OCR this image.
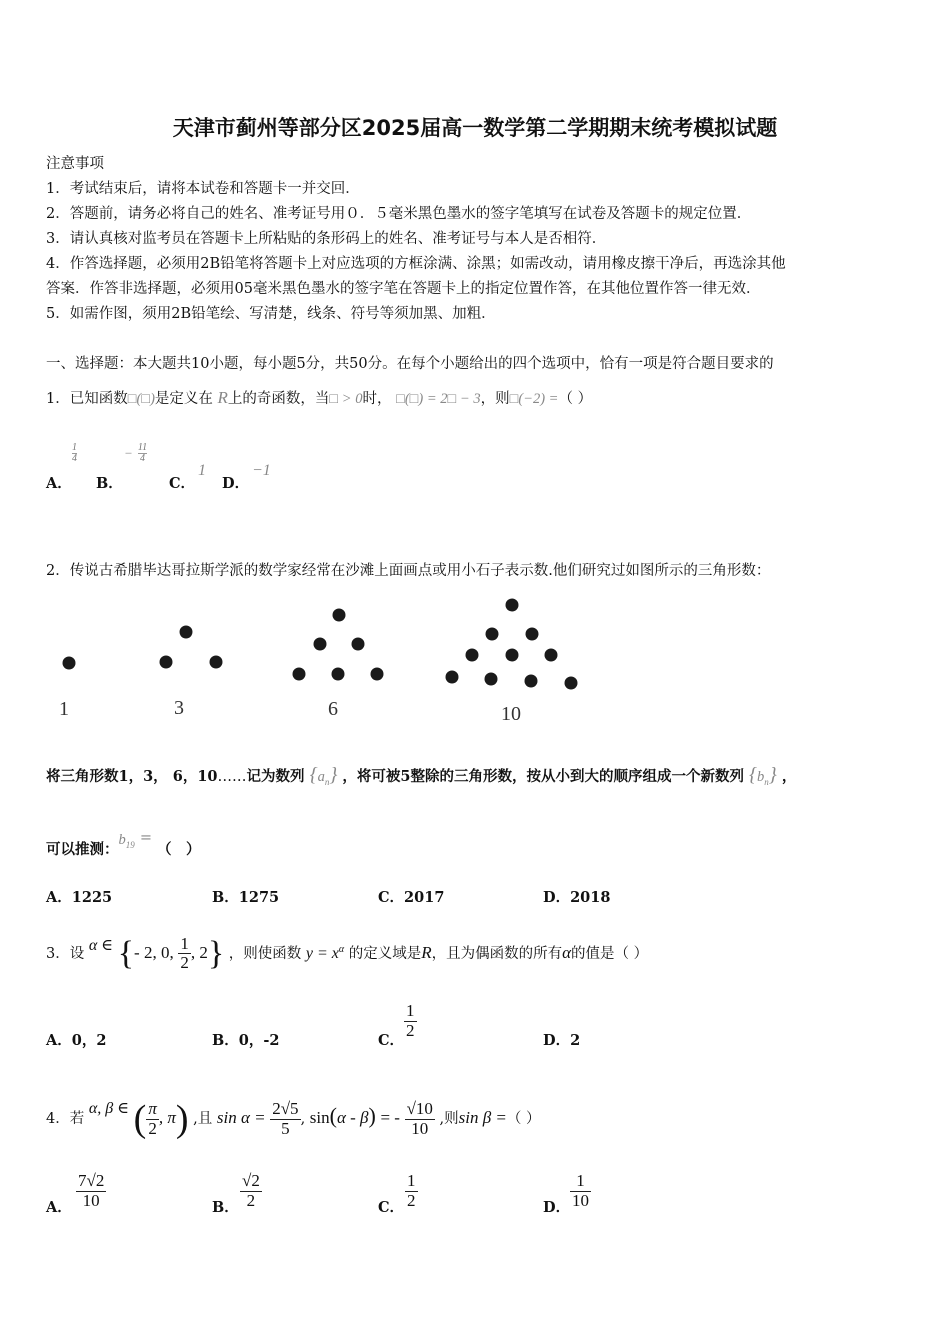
天津市蓟州等部分区2025届高一数学第二学期期末统考模拟试题
注意事项
1．考试结束后，请将本试卷和答题卡一并交回．
2．答题前，请务必将自己的姓名、准考证号用０．５毫米黑色墨水的签字笔填写在试卷及答题卡的规定位置．
3．请认真核对监考员在答题卡上所粘贴的条形码上的姓名、准考证号与本人是否相符．
4．作答选择题，必须用2B铅笔将答题卡上对应选项的方框涂满、涂黑；如需改动，请用橡皮擦干净后，再选涂其他
答案．作答非选择题，必须用05毫米黑色墨水的签字笔在答题卡上的指定位置作答，在其他位置作答一律无效．
5．如需作图，须用2B铅笔绘、写清楚，线条、符号等须加黑、加粗．
一、选择题：本大题共10小题，每小题5分，共50分。在每个小题给出的四个选项中，恰有一项是符合题目要求的
1．已知函数□(□)是定义在 R上的奇函数，当□ > 0时， □(□) = 2□ − 3，则□(−2) =（ ）
A．
$\frac{1}{4}$
B．
− $\frac{11}{4}$
C．
1
D．
−1
2．传说古希腊毕达哥拉斯学派的数学家经常在沙滩上面画点或用小石子表示数.他们研究过如图所示的三角形数：
1	3	6	10
将三角形数1，3， 6，10……记为数列 $\{a_n\}$ ，将可被5整除的三角形数，按从小到大的顺序组成一个新数列 $\{b_n\}$ ，
可以推测：$b_{19}$ = （　）
A．1225	B．1275	C．2017	D．2018
3．设 α ∈ {- 2, 0, $\frac{1}{2}$ , 2} ，则使函数 $y = x^\alpha$ 的定义域是R，且为偶函数的所有α的值是（ ）
A．0，2	B．0，-2	C．
$\frac{1}{2}$
D．2
4．若 α, β ∈ ( $\frac{\pi}{2}$ , π) ,且 $\sin \alpha = \frac{2√5}{5}$ , sin(α - β) = - $\frac{√10}{10}$ ,则sin β =（ ）
A． $\frac{7√2}{10}$	B． $\frac{√2}{2}$	C． $\frac{1}{2}$	D． $\frac{1}{10}$
